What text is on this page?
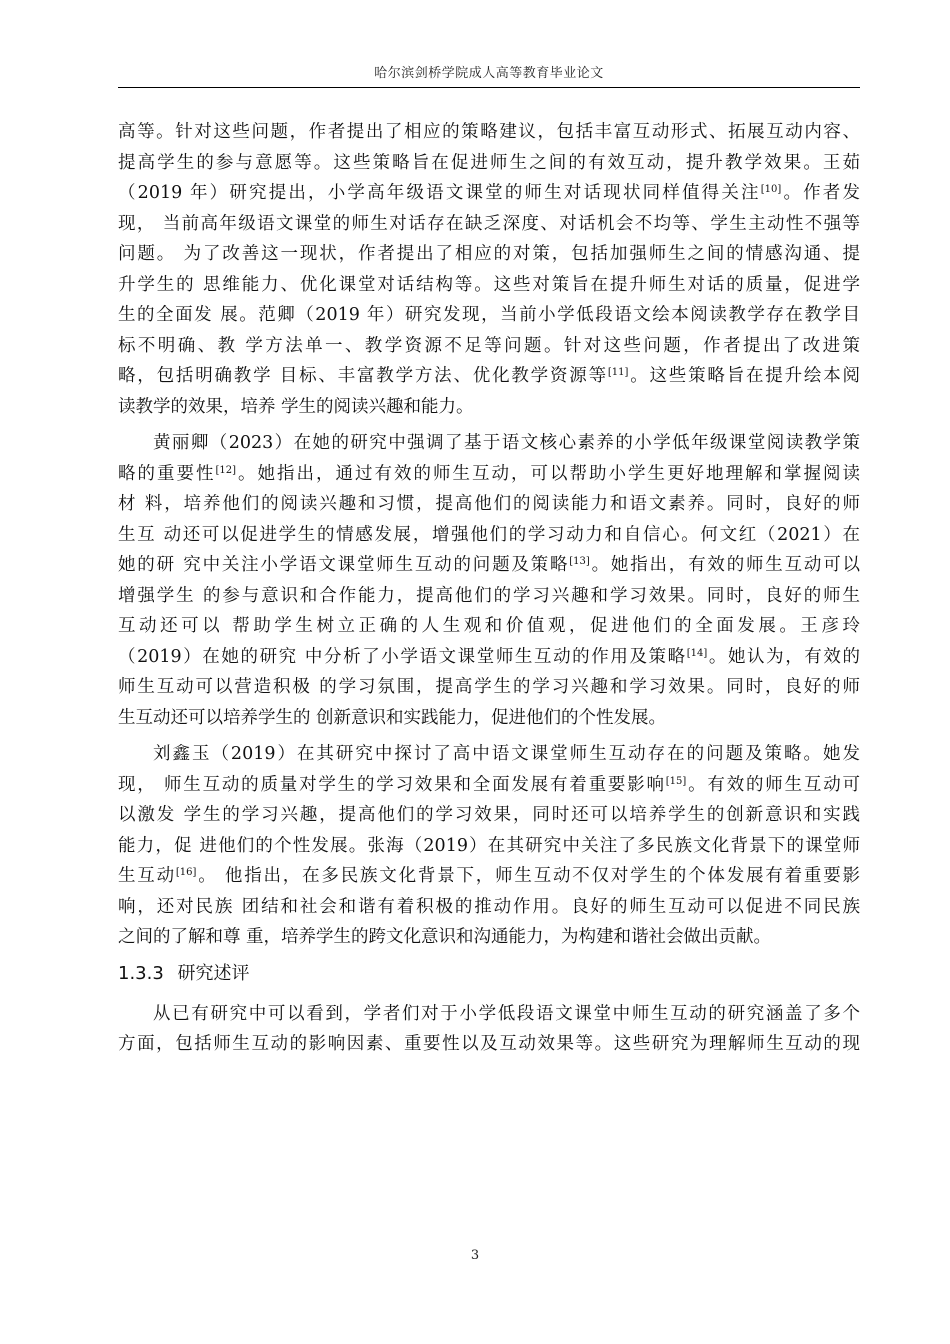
哈尔滨剑桥学院成人高等教育毕业论文
高等。针对这些问题，作者提出了相应的策略建议，包括丰富互动形式、拓展互动内容、
提高学生的参与意愿等。这些策略旨在促进师生之间的有效互动，提升教学效果。王茹
（2019 年）研究提出，小学高年级语文课堂的师生对话现状同样值得关注[10]。作者发
现， 当前高年级语文课堂的师生对话存在缺乏深度、对话机会不均等、学生主动性不强等
问题。 为了改善这一现状，作者提出了相应的对策，包括加强师生之间的情感沟通、提
升学生的 思维能力、优化课堂对话结构等。这些对策旨在提升师生对话的质量，促进学
生的全面发 展。范卿（2019 年）研究发现，当前小学低段语文绘本阅读教学存在教学目
标不明确、教 学方法单一、教学资源不足等问题。针对这些问题，作者提出了改进策
略，包括明确教学 目标、丰富教学方法、优化教学资源等[11]。这些策略旨在提升绘本阅
读教学的效果，培养 学生的阅读兴趣和能力。
黄丽卿（2023）在她的研究中强调了基于语文核心素养的小学低年级课堂阅读教学策
略的重要性[12]。她指出，通过有效的师生互动，可以帮助小学生更好地理解和掌握阅读
材 料，培养他们的阅读兴趣和习惯，提高他们的阅读能力和语文素养。同时，良好的师
生互 动还可以促进学生的情感发展，增强他们的学习动力和自信心。何文红（2021）在
她的研 究中关注小学语文课堂师生互动的问题及策略[13]。她指出，有效的师生互动可以
增强学生 的参与意识和合作能力，提高他们的学习兴趣和学习效果。同时，良好的师生
互动还可以 帮助学生树立正确的人生观和价值观，促进他们的全面发展。王彦玲
（2019）在她的研究 中分析了小学语文课堂师生互动的作用及策略[14]。她认为，有效的
师生互动可以营造积极 的学习氛围，提高学生的学习兴趣和学习效果。同时，良好的师
生互动还可以培养学生的 创新意识和实践能力，促进他们的个性发展。
刘鑫玉（2019）在其研究中探讨了高中语文课堂师生互动存在的问题及策略。她发
现， 师生互动的质量对学生的学习效果和全面发展有着重要影响[15]。有效的师生互动可
以激发 学生的学习兴趣，提高他们的学习效果，同时还可以培养学生的创新意识和实践
能力，促 进他们的个性发展。张海（2019）在其研究中关注了多民族文化背景下的课堂师
生互动[16]。 他指出，在多民族文化背景下，师生互动不仅对学生的个体发展有着重要影
响，还对民族 团结和社会和谐有着积极的推动作用。良好的师生互动可以促进不同民族
之间的了解和尊 重，培养学生的跨文化意识和沟通能力，为构建和谐社会做出贡献。
1.3.3 研究述评
从已有研究中可以看到，学者们对于小学低段语文课堂中师生互动的研究涵盖了多个
方面，包括师生互动的影响因素、重要性以及互动效果等。这些研究为理解师生互动的现
3
